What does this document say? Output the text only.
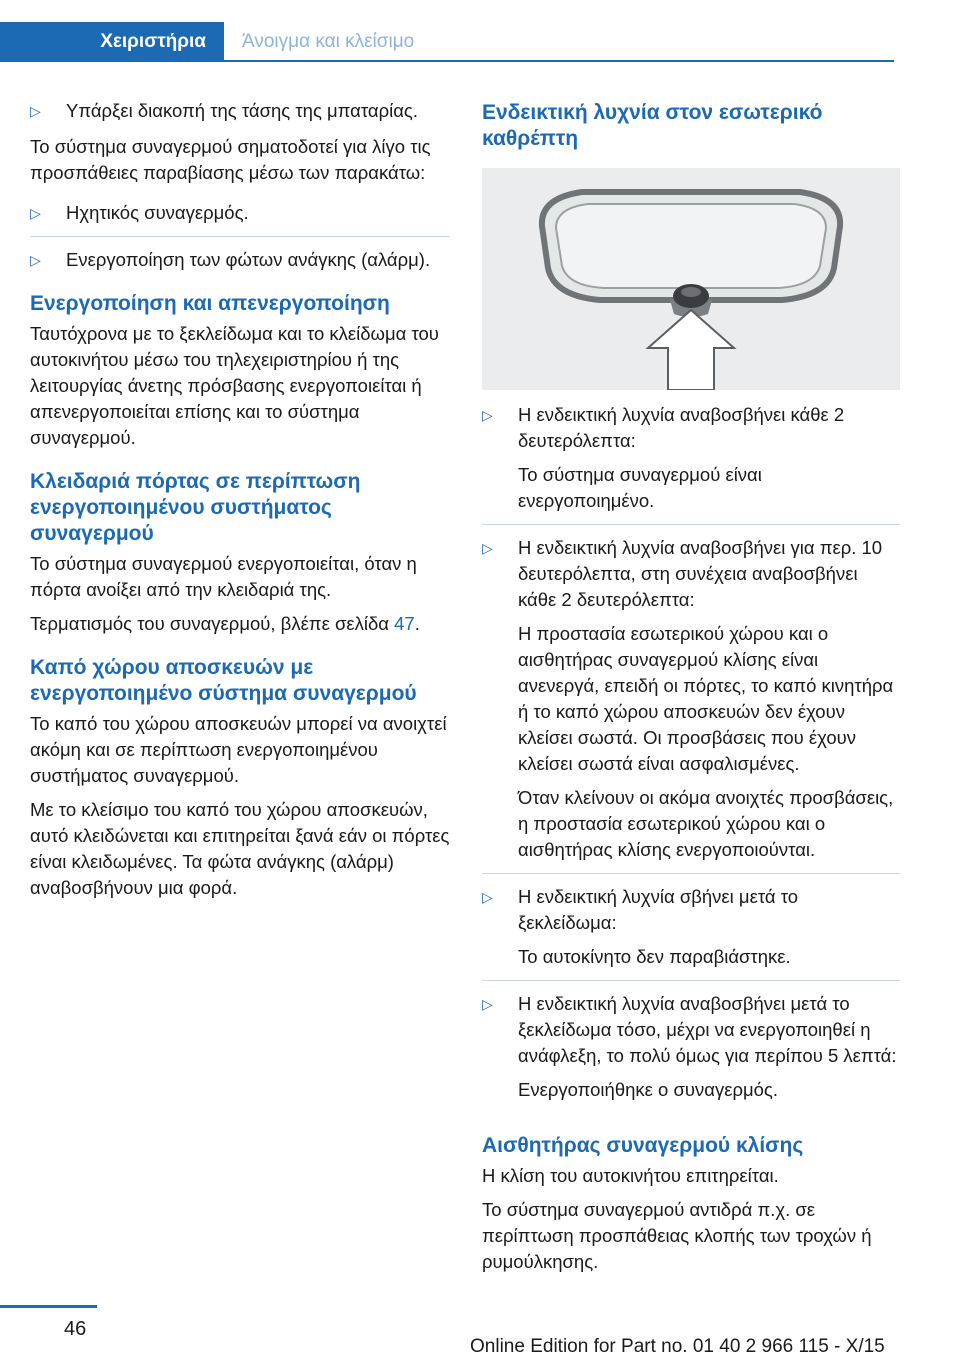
Χειριστήρια	Άνοιγμα και κλείσιμο
▷	Υπάρξει διακοπή της τάσης της μπαταρίας.

Το σύστημα συναγερμού σηματοδοτεί για λίγο τις προσπάθειες παραβίασης μέσω των παρακάτω:

▷	Ηχητικός συναγερμός.
▷	Ενεργοποίηση των φώτων ανάγκης (αλάρμ).
Ενεργοποίηση και απενεργοποίηση

Ταυτόχρονα με το ξεκλείδωμα και το κλείδωμα του αυτοκινήτου μέσω του τηλεχειριστηρίου ή της λειτουργίας άνετης πρόσβασης ενεργοποιείται ή απενεργοποιείται επίσης και το σύστημα συναγερμού.

Κλειδαριά πόρτας σε περίπτωση ενεργοποιημένου συστήματος συναγερμού

Το σύστημα συναγερμού ενεργοποιείται, όταν η πόρτα ανοίξει από την κλειδαριά της.

Τερματισμός του συναγερμού, βλέπε σελίδα 47.

Καπό χώρου αποσκευών με ενεργοποιημένο σύστημα συναγερμού

Το καπό του χώρου αποσκευών μπορεί να ανοιχτεί ακόμη και σε περίπτωση ενεργοποιημένου συστήματος συναγερμού.

Με το κλείσιμο του καπό του χώρου αποσκευών, αυτό κλειδώνεται και επιτηρείται ξανά εάν οι πόρτες είναι κλειδωμένες. Τα φώτα ανάγκης (αλάρμ) αναβοσβήνουν μια φορά.

Ενδεικτική λυχνία στον εσωτερικό καθρέπτη
▷	Η ενδεικτική λυχνία αναβοσβήνει κάθε 2 δευτερόλεπτα:
Το σύστημα συναγερμού είναι ενεργοποιημένο.
▷	Η ενδεικτική λυχνία αναβοσβήνει για περ. 10 δευτερόλεπτα, στη συνέχεια αναβοσβήνει κάθε 2 δευτερόλεπτα:
Η προστασία εσωτερικού χώρου και ο αισθητήρας συναγερμού κλίσης είναι ανενεργά, επειδή οι πόρτες, το καπό κινητήρα ή το καπό χώρου αποσκευών δεν έχουν κλείσει σωστά. Οι προσβάσεις που έχουν κλείσει σωστά είναι ασφαλισμένες.
Όταν κλείνουν οι ακόμα ανοιχτές προσβάσεις, η προστασία εσωτερικού χώρου και ο αισθητήρας κλίσης ενεργοποιούνται.
▷	Η ενδεικτική λυχνία σβήνει μετά το ξεκλείδωμα:
Το αυτοκίνητο δεν παραβιάστηκε.
▷	Η ενδεικτική λυχνία αναβοσβήνει μετά το ξεκλείδωμα τόσο, μέχρι να ενεργοποιηθεί η ανάφλεξη, το πολύ όμως για περίπου 5 λεπτά:
Ενεργοποιήθηκε ο συναγερμός.
Αισθητήρας συναγερμού κλίσης

Η κλίση του αυτοκινήτου επιτηρείται.

Το σύστημα συναγερμού αντιδρά π.χ. σε περίπτωση προσπάθειας κλοπής των τροχών ή ρυμούλκησης.

46
Online Edition for Part no. 01 40 2 966 115 - X/15
